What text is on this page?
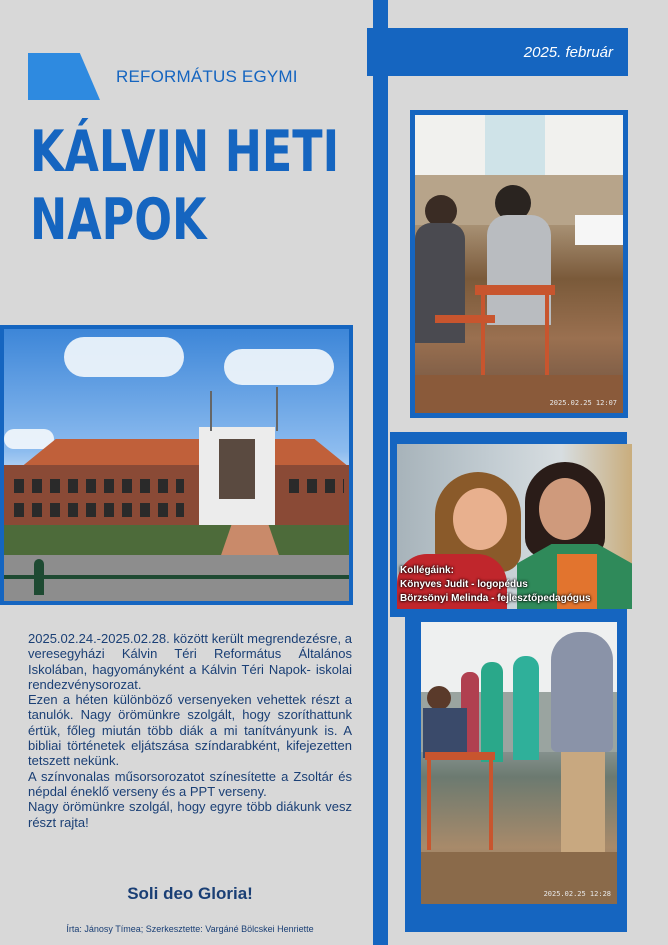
2025. február
REFORMÁTUS EGYMI
KÁLVIN HETI
NAPOK
2025.02.25 12:07
Kollégáink:
Könyves Judit - logopédus
Börzsönyi Melinda - fejlesztőpedagógus
2025.02.25 12:28

2025.02.24.-2025.02.28. között került megrendezésre, a veresegyházi Kálvin Téri Református Általános Iskolában, hagyományként a Kálvin Téri Napok- iskolai rendezvénysorozat.

Ezen a héten különböző versenyeken vehettek részt a tanulók. Nagy örömünkre szolgált, hogy szoríthattunk értük, főleg miután több diák a mi tanítványunk is. A bibliai történetek eljátszása színdarabként, kifejezetten tetszett nekünk.

A színvonalas műsorsorozatot színesítette a Zsoltár és népdal éneklő verseny és a PPT verseny.

Nagy örömünkre szolgál, hogy egyre több diákunk vesz részt rajta!

Soli deo Gloria!
Írta: Jánosy Tímea; Szerkesztette: Vargáné Bölcskei Henriette
